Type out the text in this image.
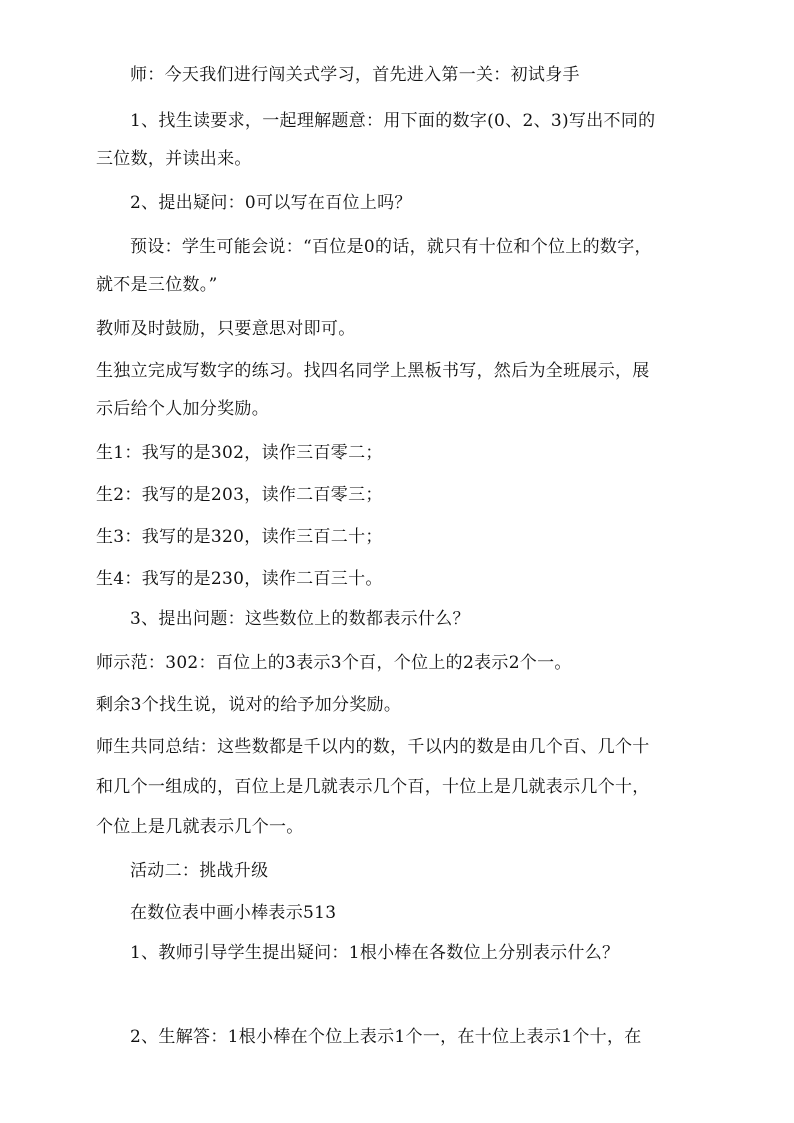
师：今天我们进行闯关式学习，首先进入第一关：初试身手
1、找生读要求，一起理解题意：用下面的数字(0、2、3)写出不同的
三位数，并读出来。
2、提出疑问：0可以写在百位上吗？
预设：学生可能会说：“百位是0的话，就只有十位和个位上的数字，
就不是三位数。”
教师及时鼓励，只要意思对即可。
生独立完成写数字的练习。找四名同学上黑板书写，然后为全班展示，展
示后给个人加分奖励。
生1：我写的是302，读作三百零二；
生2：我写的是203，读作二百零三；
生3：我写的是320，读作三百二十；
生4：我写的是230，读作二百三十。
3、提出问题：这些数位上的数都表示什么？
师示范：302：百位上的3表示3个百，个位上的2表示2个一。
剩余3个找生说，说对的给予加分奖励。
师生共同总结：这些数都是千以内的数，千以内的数是由几个百、几个十
和几个一组成的，百位上是几就表示几个百，十位上是几就表示几个十，
个位上是几就表示几个一。
活动二：挑战升级
在数位表中画小棒表示513
1、教师引导学生提出疑问：1根小棒在各数位上分别表示什么？
2、生解答：1根小棒在个位上表示1个一，在十位上表示1个十，在
